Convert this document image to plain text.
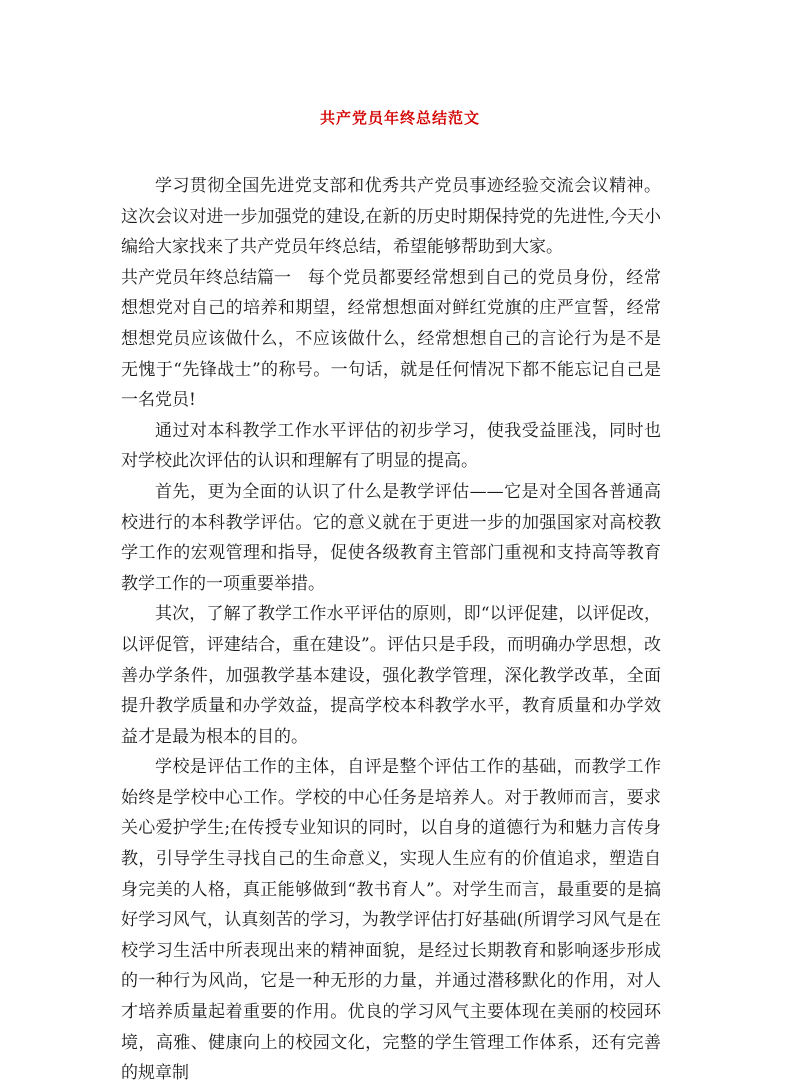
共产党员年终总结范文

学习贯彻全国先进党支部和优秀共产党员事迹经验交流会议精神。这次会议对进一步加强党的建设,在新的历史时期保持党的先进性,今天小编给大家找来了共产党员年终总结，希望能够帮助到大家。

共产党员年终总结篇一 每个党员都要经常想到自己的党员身份，经常想想党对自己的培养和期望，经常想想面对鲜红党旗的庄严宣誓，经常想想党员应该做什么，不应该做什么，经常想想自己的言论行为是不是无愧于“先锋战士”的称号。一句话，就是任何情况下都不能忘记自己是一名党员!

通过对本科教学工作水平评估的初步学习，使我受益匪浅，同时也对学校此次评估的认识和理解有了明显的提高。

首先，更为全面的认识了什么是教学评估——它是对全国各普通高校进行的本科教学评估。它的意义就在于更进一步的加强国家对高校教学工作的宏观管理和指导，促使各级教育主管部门重视和支持高等教育教学工作的一项重要举措。

其次，了解了教学工作水平评估的原则，即“以评促建，以评促改，以评促管，评建结合，重在建设”。评估只是手段，而明确办学思想，改善办学条件，加强教学基本建设，强化教学管理，深化教学改革，全面提升教学质量和办学效益，提高学校本科教学水平，教育质量和办学效益才是最为根本的目的。

学校是评估工作的主体，自评是整个评估工作的基础，而教学工作始终是学校中心工作。学校的中心任务是培养人。对于教师而言，要求关心爱护学生;在传授专业知识的同时，以自身的道德行为和魅力言传身教，引导学生寻找自己的生命意义，实现人生应有的价值追求，塑造自身完美的人格，真正能够做到“教书育人”。对学生而言，最重要的是搞好学习风气，认真刻苦的学习，为教学评估打好基础(所谓学习风气是在校学习生活中所表现出来的精神面貌，是经过长期教育和影响逐步形成的一种行为风尚，它是一种无形的力量，并通过潜移默化的作用，对人才培养质量起着重要的作用。优良的学习风气主要体现在美丽的校园环境，高雅、健康向上的校园文化，完整的学生管理工作体系，还有完善的规章制
